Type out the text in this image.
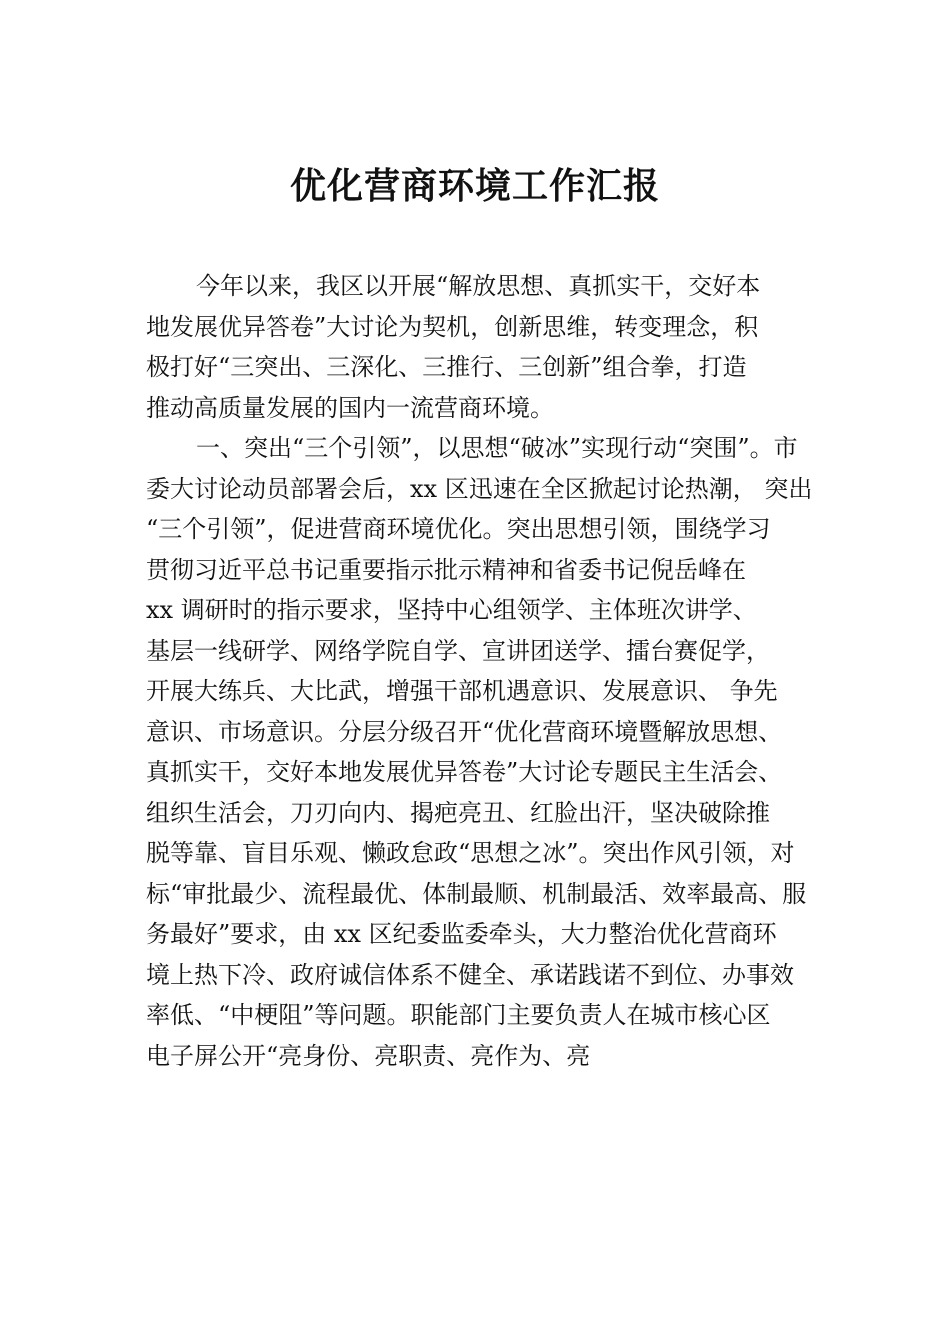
优化营商环境工作汇报
今年以来，我区以开展“解放思想、真抓实干，交好本
地发展优异答卷”大讨论为契机，创新思维，转变理念，积
极打好“三突出、三深化、三推行、三创新”组合拳，打造
推动高质量发展的国内一流营商环境。
一、突出“三个引领”，以思想“破冰”实现行动“突围”。市
委大讨论动员部署会后，xx 区迅速在全区掀起讨论热潮， 突出
“三个引领”，促进营商环境优化。突出思想引领，围绕学习
贯彻习近平总书记重要指示批示精神和省委书记倪岳峰在
xx 调研时的指示要求，坚持中心组领学、主体班次讲学、
基层一线研学、网络学院自学、宣讲团送学、擂台赛促学，
开展大练兵、大比武，增强干部机遇意识、发展意识、 争先
意识、市场意识。分层分级召开“优化营商环境暨解放思想、
真抓实干，交好本地发展优异答卷”大讨论专题民主生活会、
组织生活会，刀刃向内、揭疤亮丑、红脸出汗，坚决破除推
脱等靠、盲目乐观、懒政怠政“思想之冰”。突出作风引领，对
标“审批最少、流程最优、体制最顺、机制最活、效率最高、服
务最好”要求，由 xx 区纪委监委牵头，大力整治优化营商环
境上热下冷、政府诚信体系不健全、承诺践诺不到位、办事效
率低、“中梗阻”等问题。职能部门主要负责人在城市核心区
电子屏公开“亮身份、亮职责、亮作为、亮
